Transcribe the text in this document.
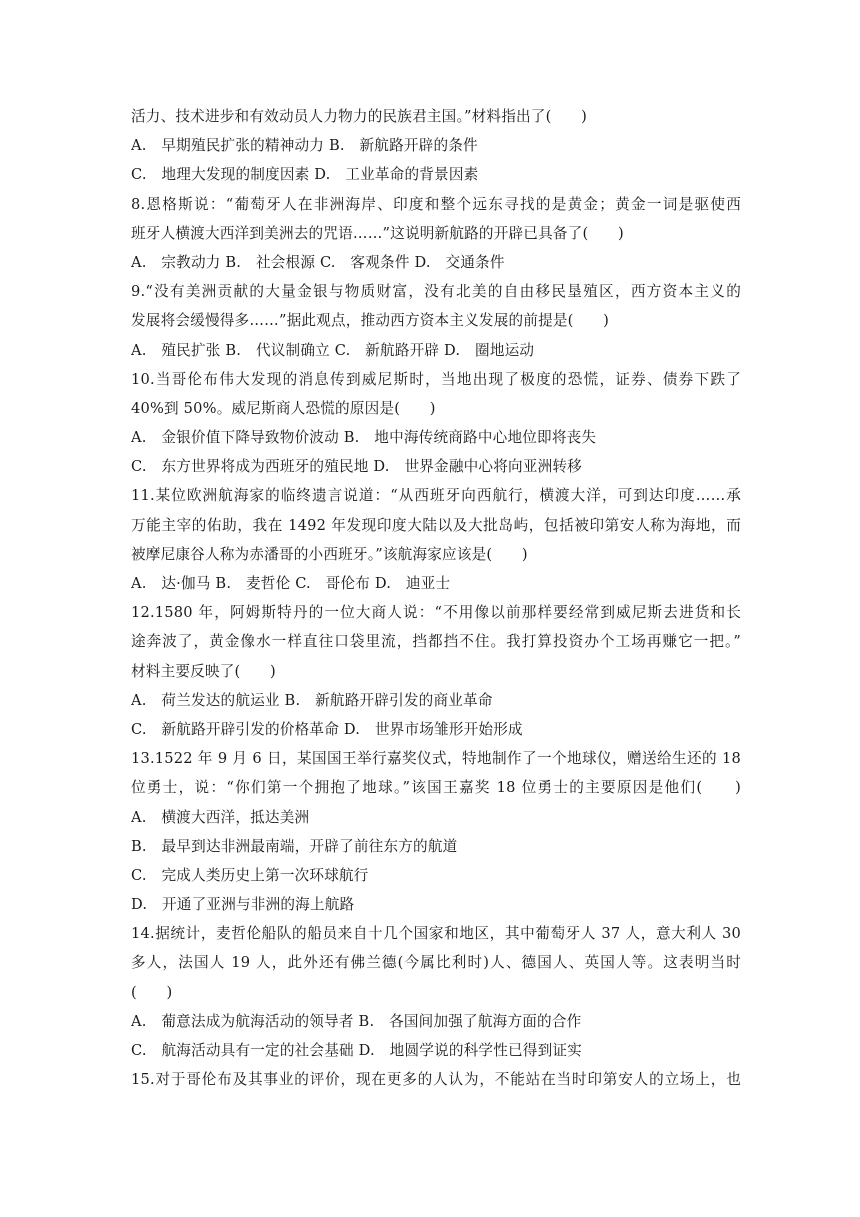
活力、技术进步和有效动员人力物力的民族君主国。”材料指出了(　　)
A.　早期殖民扩张的精神动力 B.　新航路开辟的条件
C.　地理大发现的制度因素 D.　工业革命的背景因素
8.恩格斯说：“葡萄牙人在非洲海岸、印度和整个远东寻找的是黄金；黄金一词是驱使西
班牙人横渡大西洋到美洲去的咒语……”这说明新航路的开辟已具备了(　　)
A.　宗教动力 B.　社会根源 C.　客观条件 D.　交通条件
9.“没有美洲贡献的大量金银与物质财富，没有北美的自由移民垦殖区，西方资本主义的
发展将会缓慢得多……”据此观点，推动西方资本主义发展的前提是(　　)
A.　殖民扩张 B.　代议制确立 C.　新航路开辟 D.　圈地运动
10.当哥伦布伟大发现的消息传到威尼斯时，当地出现了极度的恐慌，证券、债券下跌了
40%到 50%。威尼斯商人恐慌的原因是(　　)
A.　金银价值下降导致物价波动 B.　地中海传统商路中心地位即将丧失
C.　东方世界将成为西班牙的殖民地 D.　世界金融中心将向亚洲转移
11.某位欧洲航海家的临终遗言说道：“从西班牙向西航行，横渡大洋，可到达印度……承
万能主宰的佑助，我在 1492 年发现印度大陆以及大批岛屿，包括被印第安人称为海地，而
被摩尼康谷人称为赤潘哥的小西班牙。”该航海家应该是(　　)
A.　达·伽马 B.　麦哲伦 C.　哥伦布 D.　迪亚士
12.1580 年，阿姆斯特丹的一位大商人说：“不用像以前那样要经常到威尼斯去进货和长
途奔波了，黄金像水一样直往口袋里流，挡都挡不住。我打算投资办个工场再赚它一把。”
材料主要反映了(　　)
A.　荷兰发达的航运业 B.　新航路开辟引发的商业革命
C.　新航路开辟引发的价格革命 D.　世界市场雏形开始形成
13.1522 年 9 月 6 日，某国国王举行嘉奖仪式，特地制作了一个地球仪，赠送给生还的 18
位勇士，说：“你们第一个拥抱了地球。”该国王嘉奖 18 位勇士的主要原因是他们(　　)
A.　横渡大西洋，抵达美洲
B.　最早到达非洲最南端，开辟了前往东方的航道
C.　完成人类历史上第一次环球航行
D.　开通了亚洲与非洲的海上航路
14.据统计，麦哲伦船队的船员来自十几个国家和地区，其中葡萄牙人 37 人，意大利人 30
多人，法国人 19 人，此外还有佛兰德(今属比利时)人、德国人、英国人等。这表明当时
(　　)
A.　葡意法成为航海活动的领导者 B.　各国间加强了航海方面的合作
C.　航海活动具有一定的社会基础 D.　地圆学说的科学性已得到证实
15.对于哥伦布及其事业的评价，现在更多的人认为，不能站在当时印第安人的立场上，也
